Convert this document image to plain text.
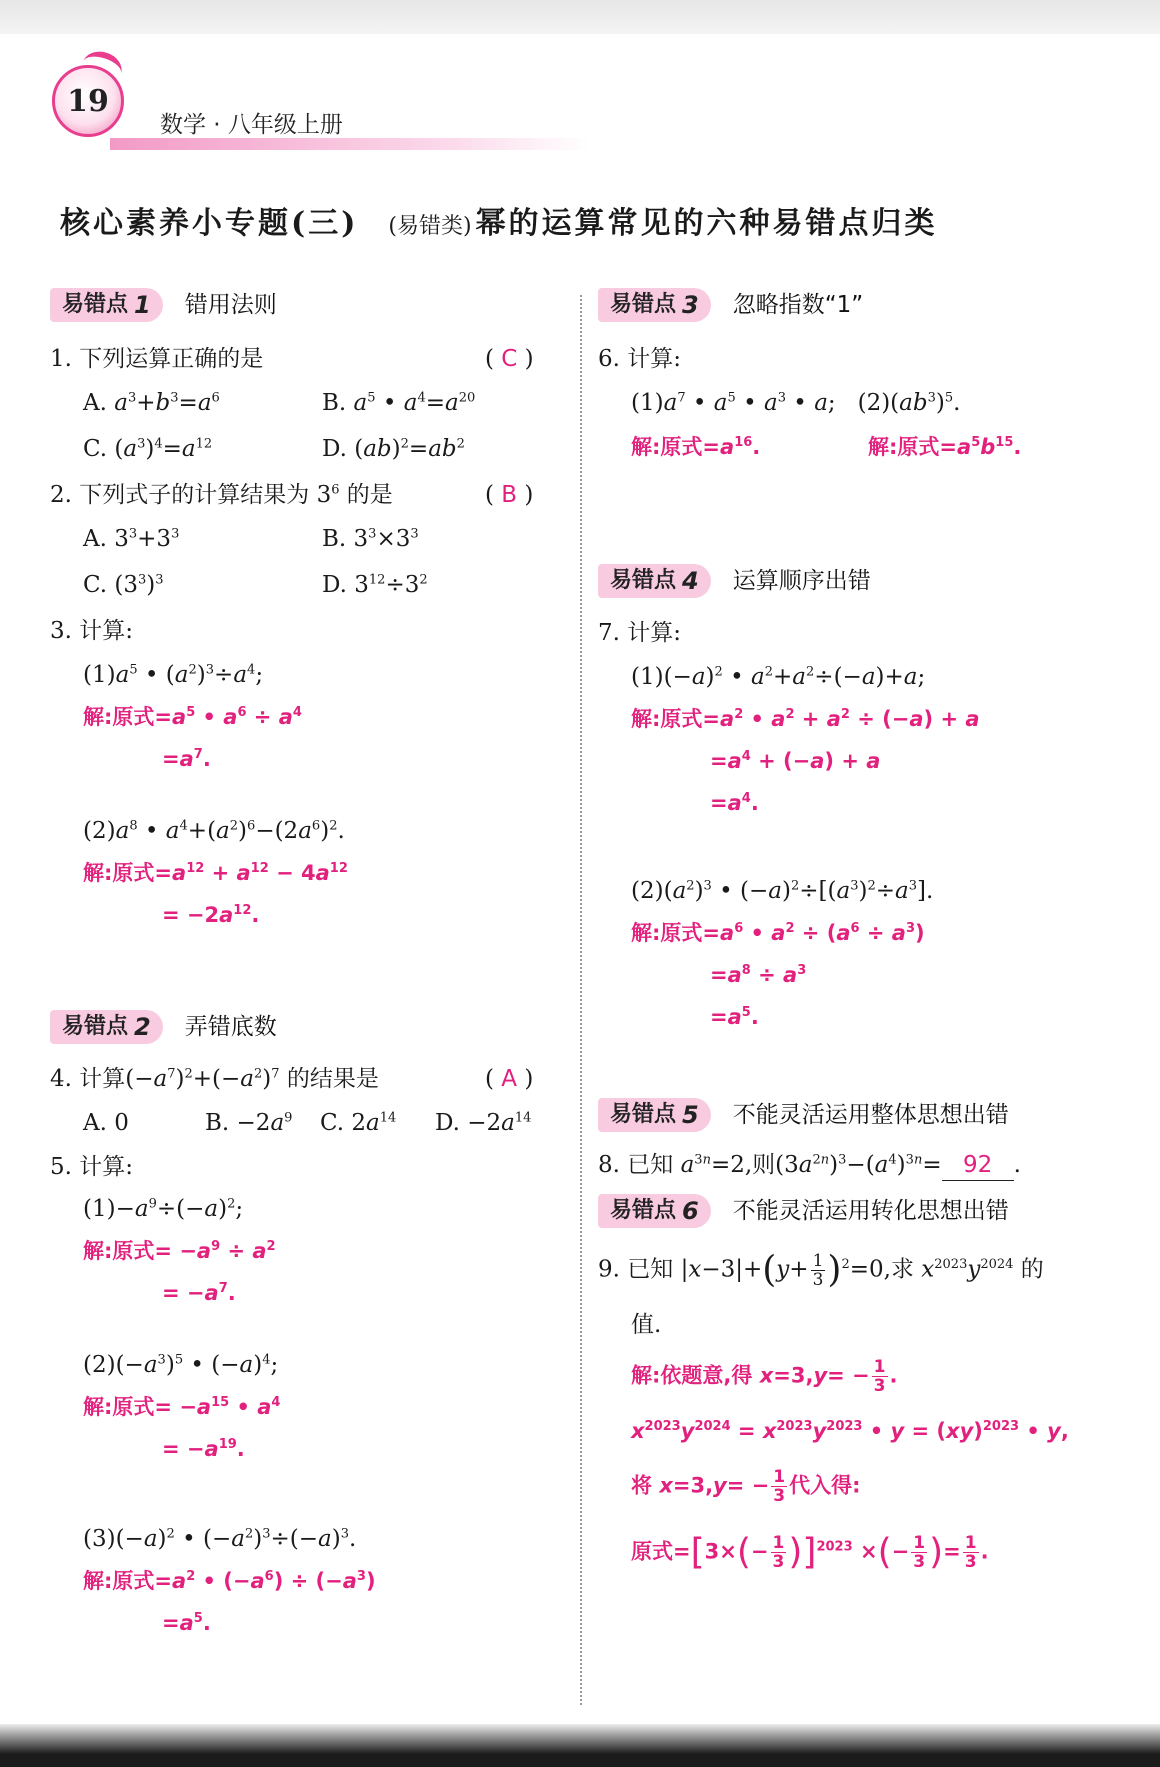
19
数学 · 八年级上册
核心素养小专题(三) (易错类) 幂的运算常见的六种易错点归类
易错点 1 错用法则
1. 下列运算正确的是	( C )
A. $a^3+b^3=a^6$	B. $a^5$ • $a^4=a^{20}$
C. $(a^3)^4=a^{12}$	D. $(ab)^2=ab^2$
2. 下列式子的计算结果为 $3^6$ 的是	( B )
A. $3^3+3^3$	B. $3^3\times 3^3$
C. $(3^3)^3$	D. $3^{12}\div 3^2$
3. 计算:
$(1)a^5$ • $(a^2)^3\div a^4$;
解:原式$=a^5$ • $a^6 \div a^4$
$=a^7$.
$(2)a^8$ • $a^4+(a^2)^6-(2a^6)^2$.
解:原式$=a^{12} + a^{12} - 4a^{12}$
= $-2a^{12}$.
易错点 2 弄错底数
4. 计算$(-a^7)^2+(-a^2)^7$ 的结果是	( A )
A. 0	B. $-2a^9$ C. $2a^{14}$ D. $-2a^{14}$
5. 计算:
$(1)-a^9\div(-a)^2$;
解:原式= $-a^9 \div a^2$
= $-a^7$.
$(2)(-a^3)^5$ • $(-a)^4$;
解:原式= $-a^{15}$ • $a^4$
= $-a^{19}$.
$(3)(-a)^2$ • $(-a^2)^3\div(-a)^3$.
解:原式$=a^2$ • $(-a^6) \div (-a^3)$
$=a^5$.
易错点 3 忽略指数“1”
6. 计算:
$(1)a^7$ • $a^5$ • $a^3$ • a;   $(2)(ab^3)^5$.
解:原式$=a^{16}$.	解:原式$=a^5b^{15}$.
易错点 4 运算顺序出错
7. 计算:
$(1)(-a)^2$ • $a^2+a^2\div(-a)+a$;
解:原式$=a^2$ • $a^2 + a^2 \div (-a) + a$
$=a^4 + (-a) + a$
$=a^4$.
$(2)(a^2)^3$ • $(-a)^2\div[(a^3)^2\div a^3]$.
解:原式$=a^6$ • $a^2 \div (a^6 \div a^3)$
$=a^8 \div a^3$
$=a^5$.
易错点 5 不能灵活运用整体思想出错
8. 已知 $a^{3n}=2$,则$(3a^{2n})^3-(a^4)^{3n}= 92$ .
易错点 6 不能灵活运用转化思想出错
9. 已知 $|x-3|+(y+ \frac{1}{3} )^2=0$,求 $x^{2023}y^{2024}$ 的
值.
解:依题意,得 $x=3,y= - \frac{1}{3}$ .
$x^{2023}y^{2024} = x^{2023}y^{2023}$ • y = (xy)$^{2023}$ • y,
将 $x=3,y= - \frac{1}{3}$ 代入得:
原式$=[3\times(- \frac{1}{3} )]^{2023}$ ×(− $\frac{1}{3}$ )= $\frac{1}{3}$ .
